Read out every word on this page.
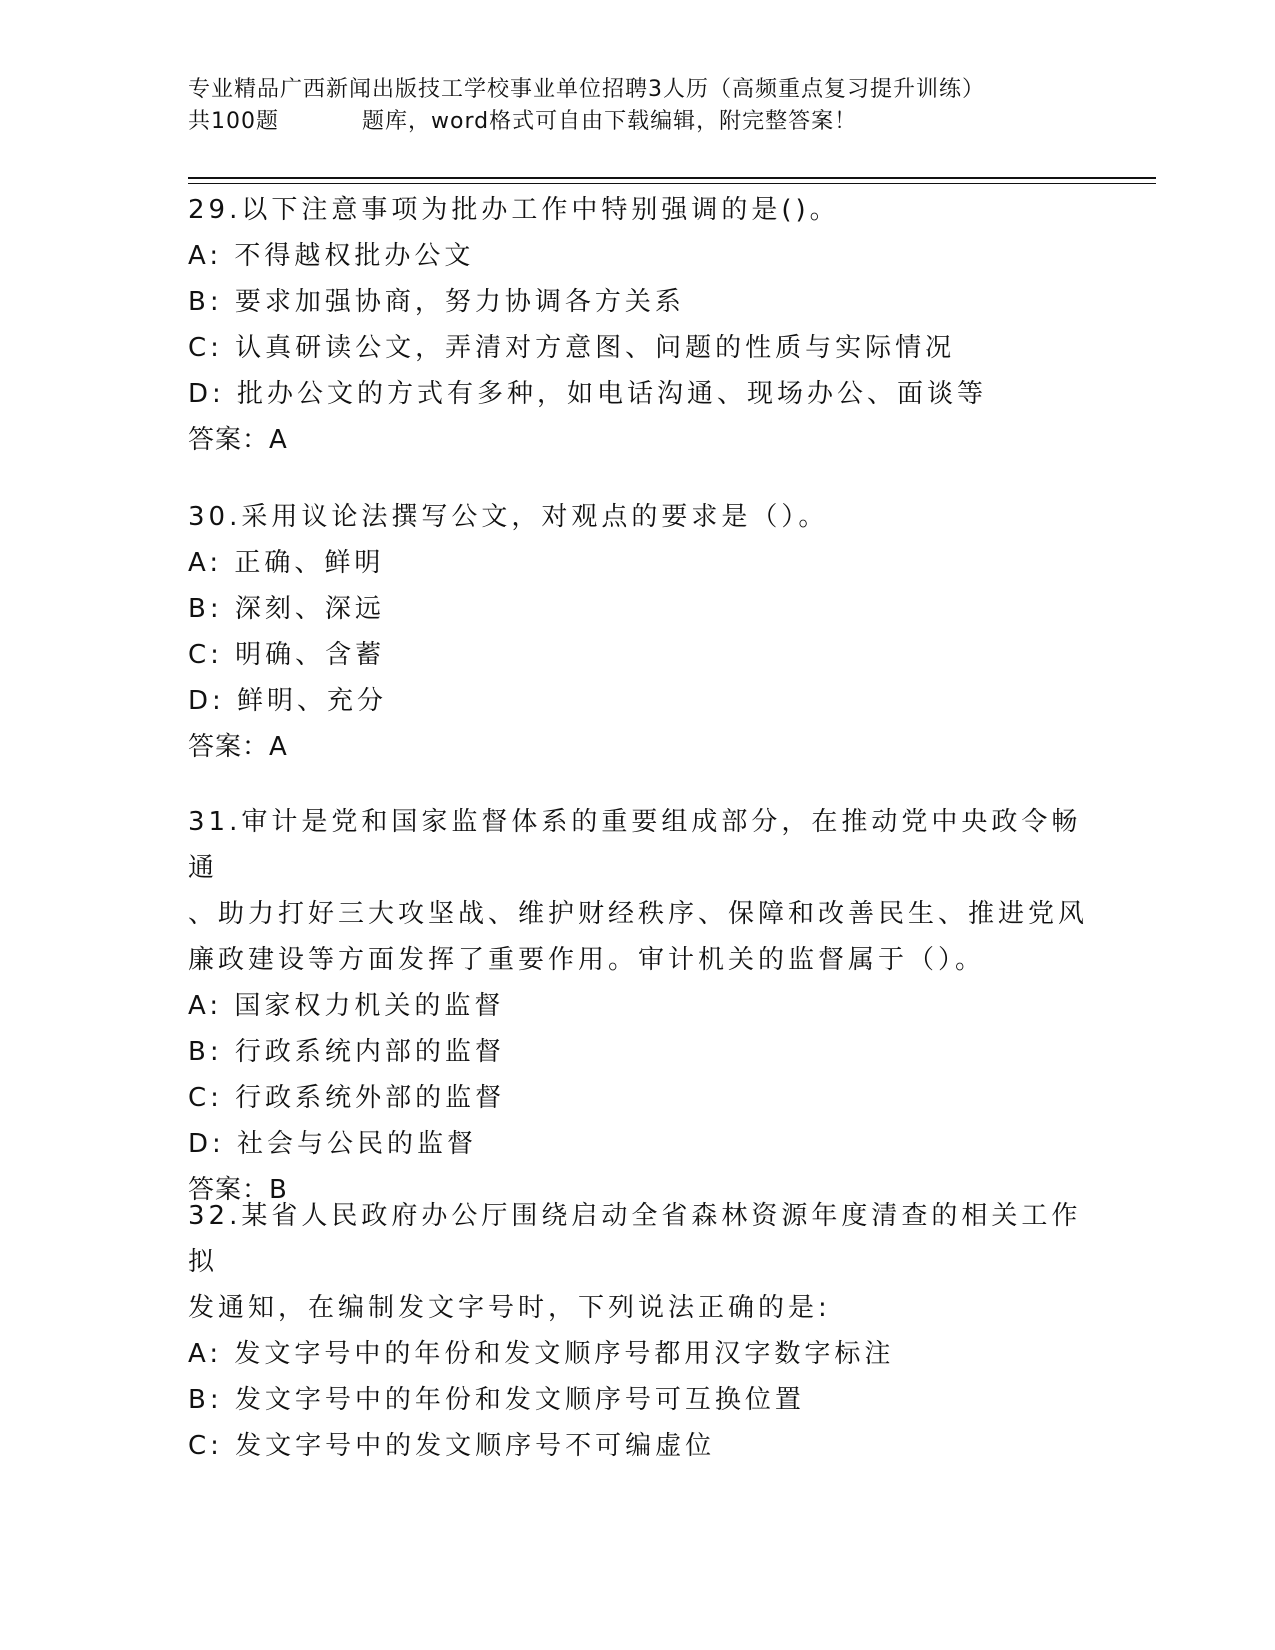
专业精品广西新闻出版技工学校事业单位招聘3人历（高频重点复习提升训练）
共100题	题库，word格式可自由下载编辑，附完整答案！

29.以下注意事项为批办工作中特别强调的是()。

A: 不得越权批办公文

B: 要求加强协商，努力协调各方关系

C: 认真研读公文，弄清对方意图、问题的性质与实际情况

D: 批办公文的方式有多种，如电话沟通、现场办公、面谈等

答案：A

30.采用议论法撰写公文，对观点的要求是（）。

A: 正确、鲜明

B: 深刻、深远

C: 明确、含蓄

D: 鲜明、充分

答案：A

31.审计是党和国家监督体系的重要组成部分，在推动党中央政令畅通

、助力打好三大攻坚战、维护财经秩序、保障和改善民生、推进党风

廉政建设等方面发挥了重要作用。审计机关的监督属于（）。

A: 国家权力机关的监督

B: 行政系统内部的监督

C: 行政系统外部的监督

D: 社会与公民的监督

答案：B

32.某省人民政府办公厅围绕启动全省森林资源年度清查的相关工作拟

发通知，在编制发文字号时，下列说法正确的是:

A: 发文字号中的年份和发文顺序号都用汉字数字标注

B: 发文字号中的年份和发文顺序号可互换位置

C: 发文字号中的发文顺序号不可编虚位
